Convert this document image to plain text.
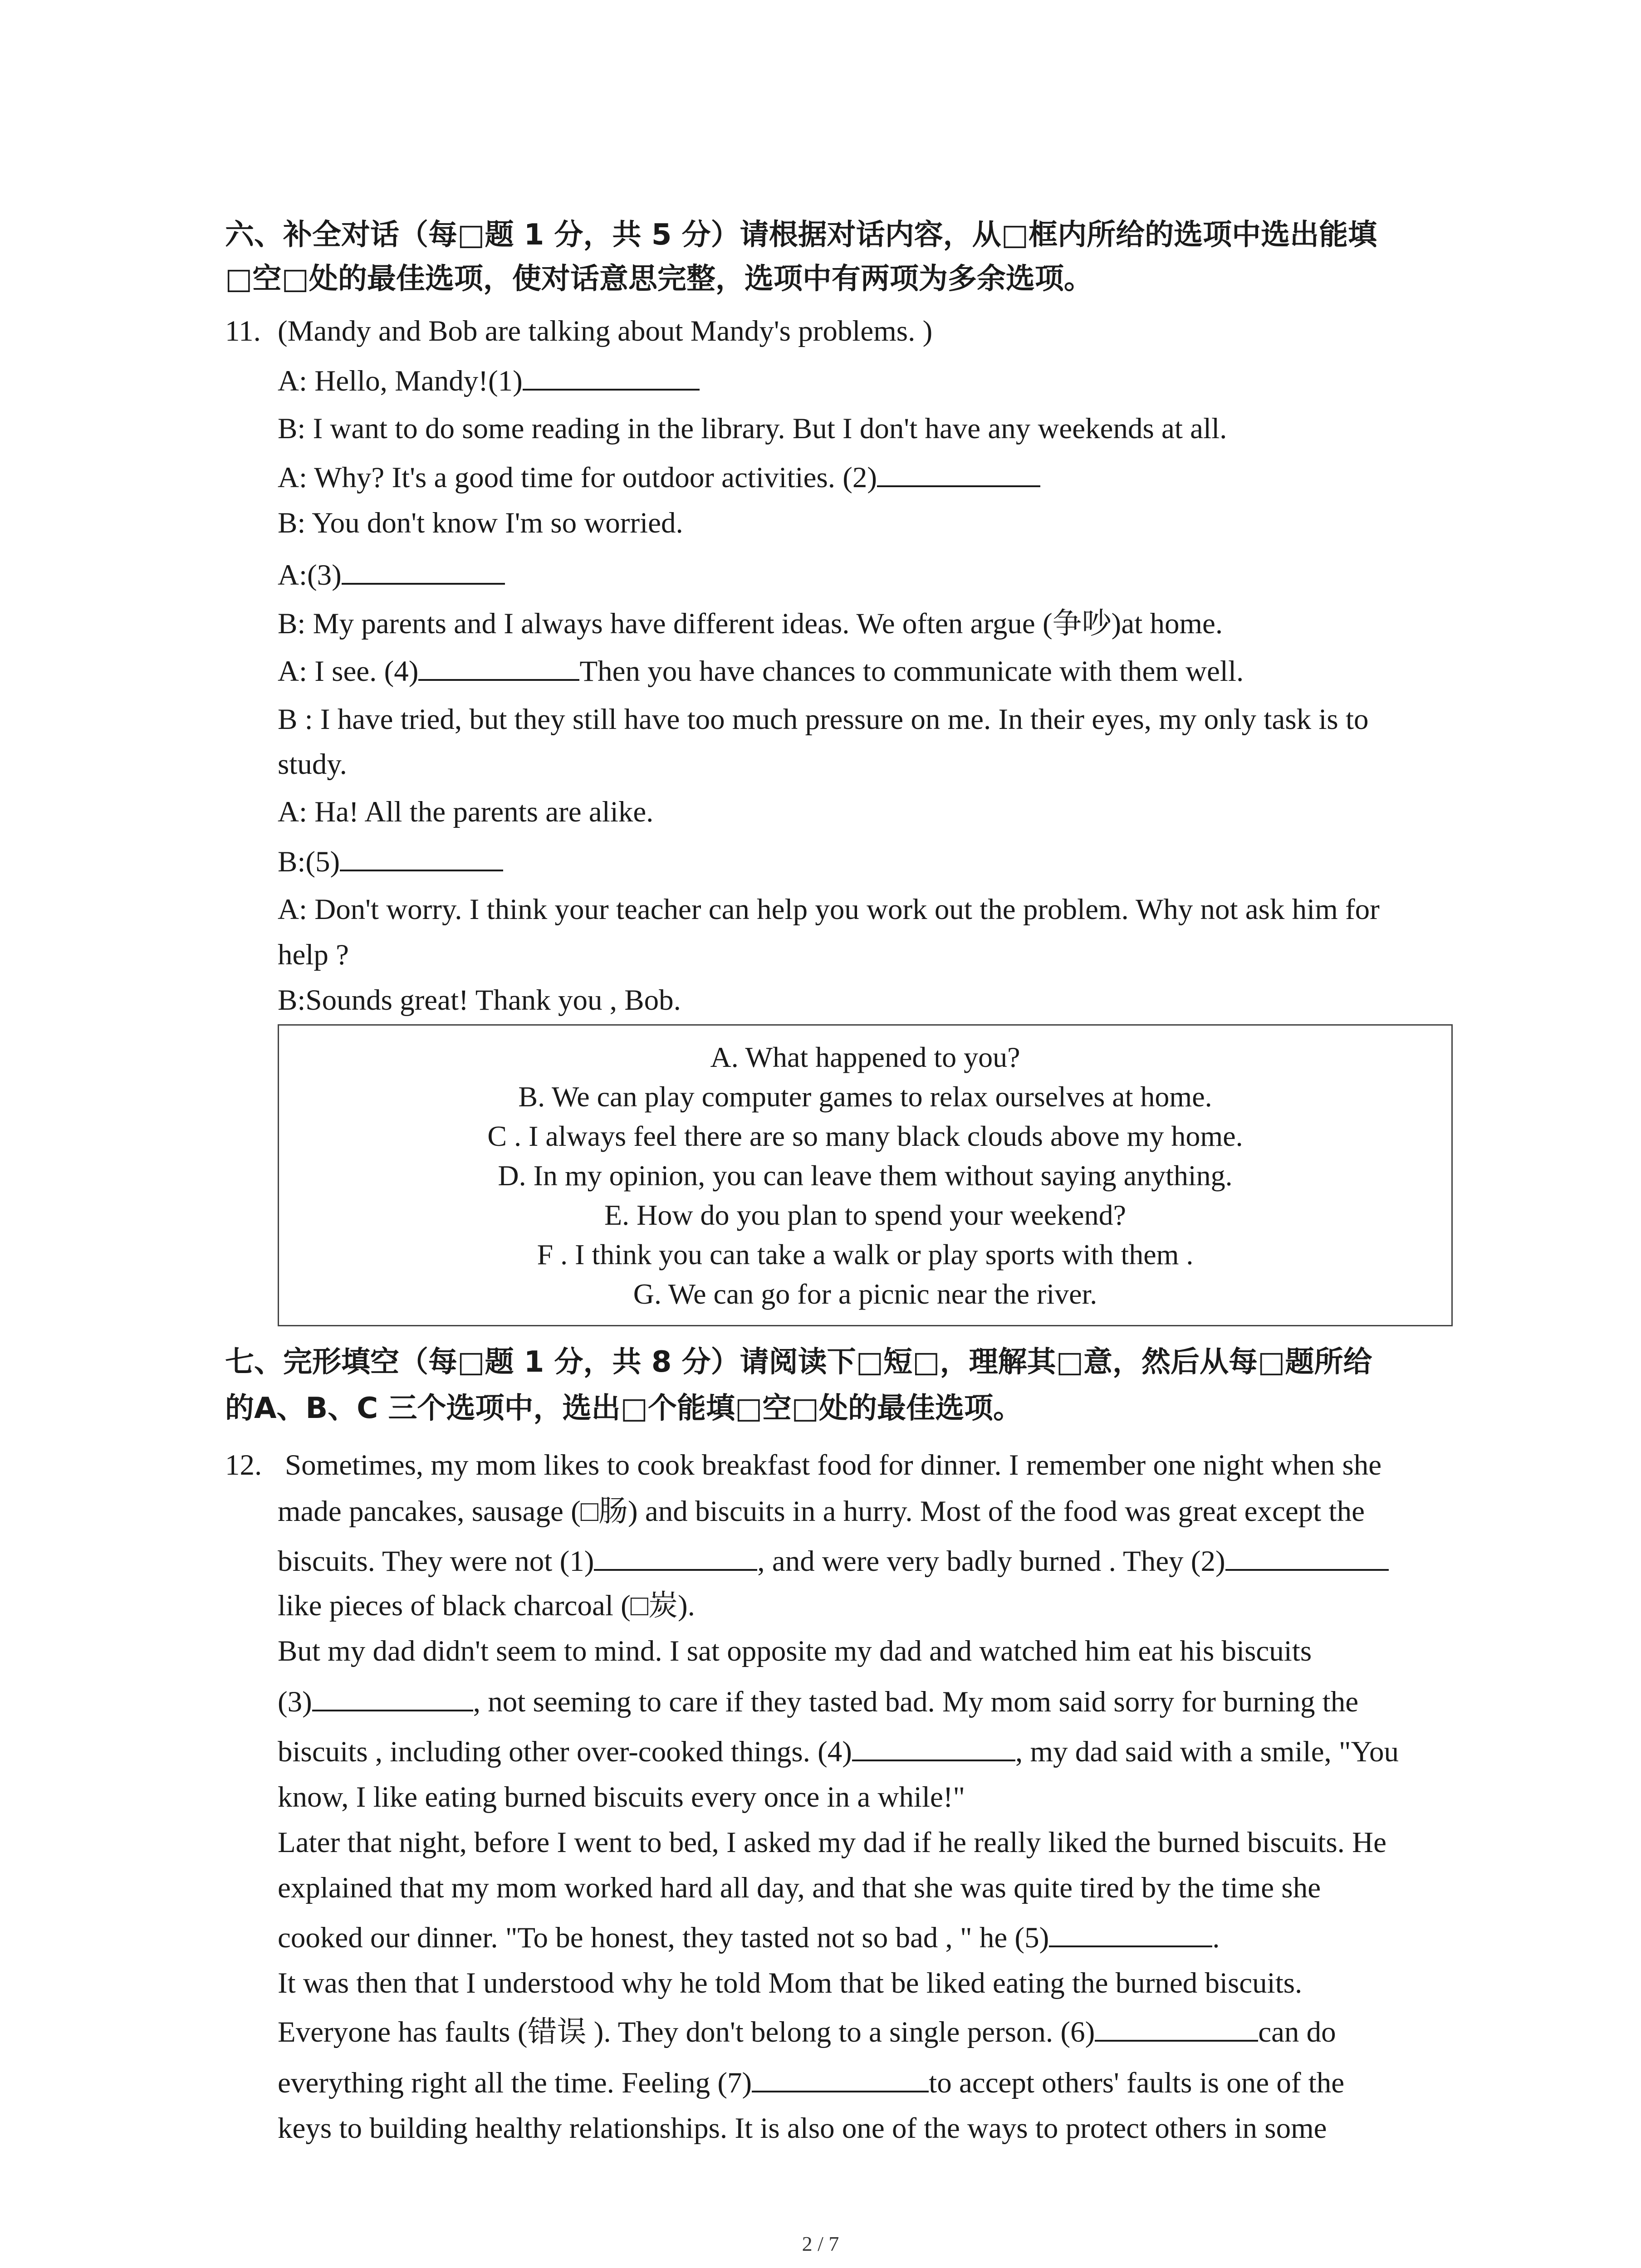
六、补全对话（每□题 1 分，共 5 分）请根据对话内容，从□框内所给的选项中选出能填
□空□处的最佳选项，使对话意思完整，选项中有两项为多余选项。
11. (Mandy and Bob are talking about Mandy's problems. )
A: Hello, Mandy!(1)
B: I want to do some reading in the library. But I don't have any weekends at all.
A: Why? It's a good time for outdoor activities. (2)
B: You don't know I'm so worried.
A:(3)
B: My parents and I always have different ideas. We often argue (争吵)at home.
A: I see. (4)	Then you have chances to communicate with them well.
B : I have tried, but they still have too much pressure on me. In their eyes, my only task is to
study.
A: Ha! All the parents are alike.
B:(5)
A: Don't worry. I think your teacher can help you work out the problem. Why not ask him for
help ?
B:Sounds great! Thank you , Bob.
A. What happened to you?
B. We can play computer games to relax ourselves at home.
C . I always feel there are so many black clouds above my home.
D. In my opinion, you can leave them without saying anything.
E. How do you plan to spend your weekend?
F . I think you can take a walk or play sports with them .
G. We can go for a picnic near the river.
七、完形填空（每□题 1 分，共 8 分）请阅读下□短□，理解其□意，然后从每□题所给
的A、B、C 三个选项中，选出□个能填□空□处的最佳选项。
12. Sometimes, my mom likes to cook breakfast food for dinner. I remember one night when she
made pancakes, sausage (□肠) and biscuits in a hurry. Most of the food was great except the
biscuits. They were not (1)	, and were very badly burned . They (2)
like pieces of black charcoal (□炭).
But my dad didn't seem to mind. I sat opposite my dad and watched him eat his biscuits
(3)	, not seeming to care if they tasted bad. My mom said sorry for burning the
biscuits , including other over-cooked things. (4)	, my dad said with a smile, "You
know, I like eating burned biscuits every once in a while!"
Later that night, before I went to bed, I asked my dad if he really liked the burned biscuits. He
explained that my mom worked hard all day, and that she was quite tired by the time she
cooked our dinner. "To be honest, they tasted not so bad , " he (5)	.
It was then that I understood why he told Mom that be liked eating the burned biscuits.
Everyone has faults (错误 ). They don't belong to a single person. (6)	can do
everything right all the time. Feeling (7)	to accept others' faults is one of the
keys to building healthy relationships. It is also one of the ways to protect others in some
2 / 7
